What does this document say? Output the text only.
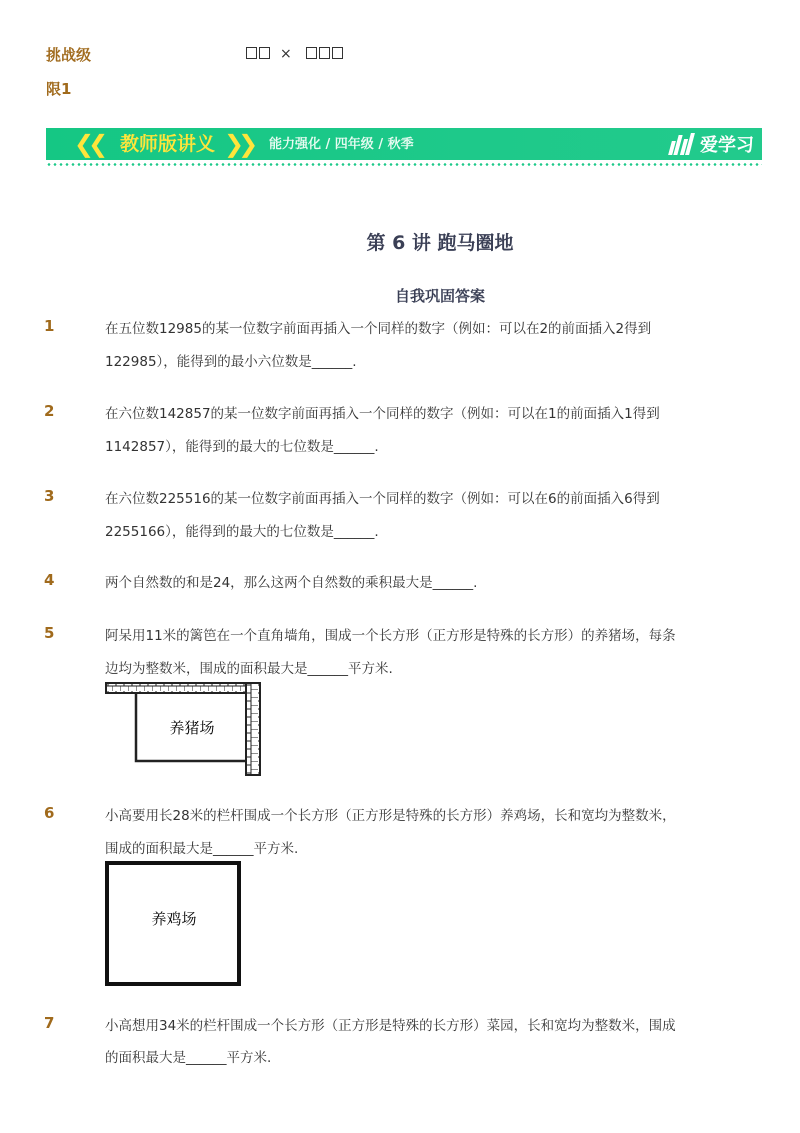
挑战级
限1
×
❮❮ 教师版讲义 ❯❯ 能力强化 / 四年级 / 秋季	爱学习
第 6 讲 跑马圈地
自我巩固答案
1	在五位数12985的某一位数字前面再插入一个同样的数字（例如：可以在2的前面插入2得到
122985），能得到的最小六位数是______.
2	在六位数142857的某一位数字前面再插入一个同样的数字（例如：可以在1的前面插入1得到
1142857），能得到的最大的七位数是______.
3	在六位数225516的某一位数字前面再插入一个同样的数字（例如：可以在6的前面插入6得到
2255166），能得到的最大的七位数是______.
4	两个自然数的和是24，那么这两个自然数的乘积最大是______.
5	阿呆用11米的篱笆在一个直角墙角，围成一个长方形（正方形是特殊的长方形）的养猪场，每条
边均为整数米，围成的面积最大是______平方米.
养猪场
6	小高要用长28米的栏杆围成一个长方形（正方形是特殊的长方形）养鸡场，长和宽均为整数米，
围成的面积最大是______平方米.
养鸡场
7	小高想用34米的栏杆围成一个长方形（正方形是特殊的长方形）菜园，长和宽均为整数米，围成
的面积最大是______平方米.
